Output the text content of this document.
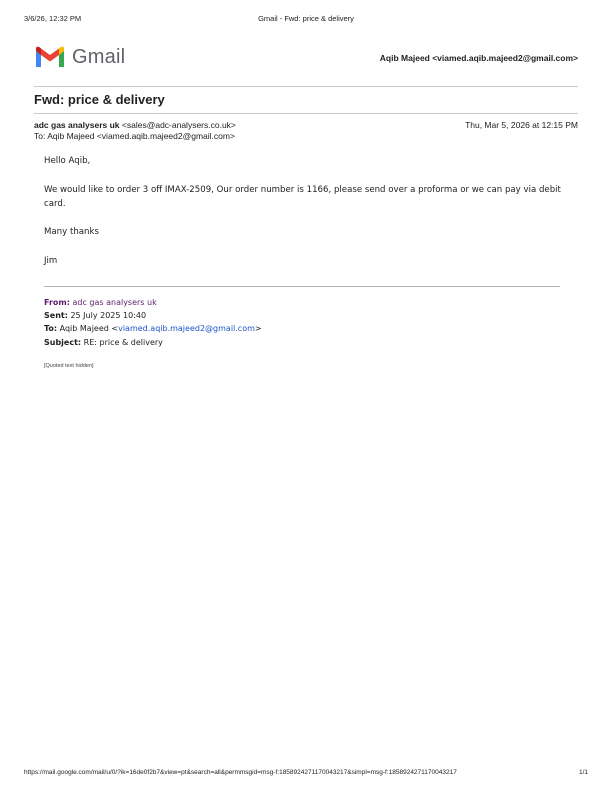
3/6/26, 12:32 PM	Gmail - Fwd: price & delivery
Gmail	Aqib Majeed <viamed.aqib.majeed2@gmail.com>
Fwd: price & delivery
adc gas analysers uk <sales@adc-analysers.co.uk>	Thu, Mar 5, 2026 at 12:15 PM
To: Aqib Majeed <viamed.aqib.majeed2@gmail.com>
Hello Aqib,
We would like to order 3 off IMAX-2509, Our order number is 1166, please send over a proforma or we can pay via debit card.
Many thanks
Jim
From: adc gas analysers uk
Sent: 25 July 2025 10:40
To: Aqib Majeed <viamed.aqib.majeed2@gmail.com>
Subject: RE: price & delivery
[Quoted text hidden]
https://mail.google.com/mail/u/0/?ik=16de0f2b7&view=pt&search=all&permmsgid=msg-f:1858924271170043217&simpl=msg-f:1858924271170043217	1/1
